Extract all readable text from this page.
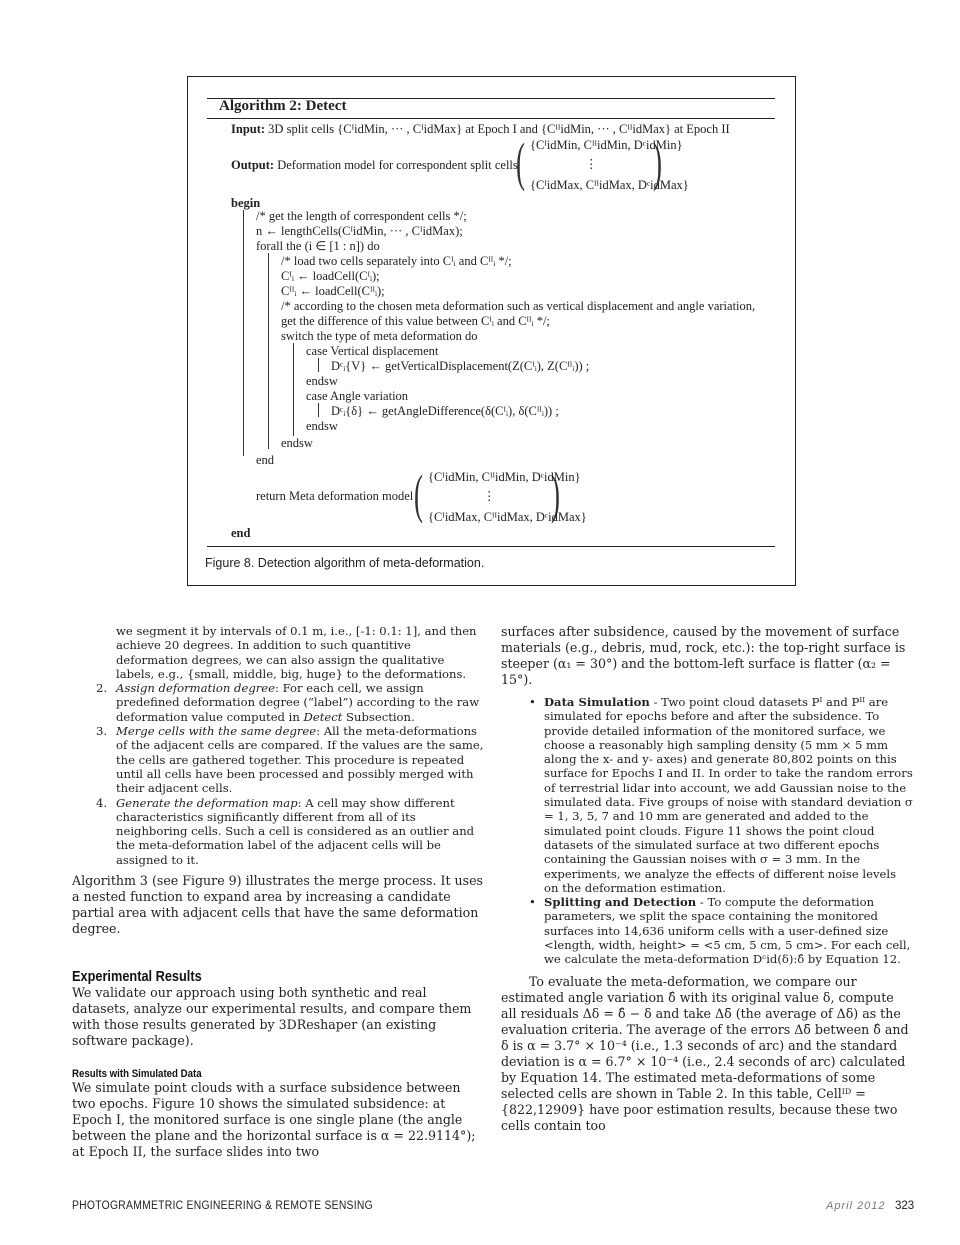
Algorithm 2: Detect
Input: 3D split cells {CᴵidMin, ··· , CᴵidMax} at Epoch I and {CᴵᴵidMin, ··· , CᴵᴵidMax} at Epoch II
Output: Deformation model for correspondent split cells
( )
{CᴵidMin, CᴵᴵidMin, DᶜidMin}
⋮
{CᴵidMax, CᴵᴵidMax, DᶜidMax}
begin
/* get the length of correspondent cells */;
n ← lengthCells(CᴵidMin, ··· , CᴵidMax);
forall the (i ∈ [1 : n]) do
/* load two cells separately into Cᴵᵢ and Cᴵᴵᵢ */;
Cᴵᵢ ← loadCell(Cᴵᵢ);
Cᴵᴵᵢ ← loadCell(Cᴵᴵᵢ);
/* according to the chosen meta deformation such as vertical displacement and angle variation,
get the difference of this value between Cᴵᵢ and Cᴵᴵᵢ */;
switch the type of meta deformation do
case Vertical displacement
Dᶜᵢ{V} ← getVerticalDisplacement(Z(Cᴵᵢ), Z(Cᴵᴵᵢ)) ;
endsw
case Angle variation
Dᶜᵢ{δ} ← getAngleDifference(δ(Cᴵᵢ), δ(Cᴵᴵᵢ)) ;
endsw
endsw
end
return Meta deformation model ( )
{CᴵidMin, CᴵᴵidMin, DᶜidMin}
⋮
{CᴵidMax, CᴵᴵidMax, DᶜidMax}
end
Figure 8. Detection algorithm of meta-deformation.
we segment it by intervals of 0.1 m, i.e., [-1: 0.1: 1], and then achieve 20 degrees. In addition to such quantitive deformation degrees, we can also assign the qualitative labels, e.g., {small, middle, big, huge} to the deformations.
2. Assign deformation degree: For each cell, we assign predefined deformation degree (“label”) according to the raw deformation value computed in Detect Subsection.
3. Merge cells with the same degree: All the meta-deformations of the adjacent cells are compared. If the values are the same, the cells are gathered together. This procedure is repeated until all cells have been processed and possibly merged with their adjacent cells.
4. Generate the deformation map: A cell may show different characteristics significantly different from all of its neighboring cells. Such a cell is considered as an outlier and the meta-deformation label of the adjacent cells will be assigned to it.
Algorithm 3 (see Figure 9) illustrates the merge process. It uses a nested function to expand area by increasing a candidate partial area with adjacent cells that have the same deformation degree.
Experimental Results
We validate our approach using both synthetic and real datasets, analyze our experimental results, and compare them with those results generated by 3DReshaper (an existing software package).
Results with Simulated Data
We simulate point clouds with a surface subsidence between two epochs. Figure 10 shows the simulated subsidence: at Epoch I, the monitored surface is one single plane (the angle between the plane and the horizontal surface is α = 22.9114°); at Epoch II, the surface slides into two
surfaces after subsidence, caused by the movement of surface materials (e.g., debris, mud, rock, etc.): the top-right surface is steeper (α₁ = 30°) and the bottom-left surface is flatter (α₂ = 15°).
• Data Simulation - Two point cloud datasets Pᴵ and Pᴵᴵ are simulated for epochs before and after the subsidence. To provide detailed information of the monitored surface, we choose a reasonably high sampling density (5 mm × 5 mm along the x- and y- axes) and generate 80,802 points on this surface for Epochs I and II. In order to take the random errors of terrestrial lidar into account, we add Gaussian noise to the simulated data. Five groups of noise with standard deviation σ = 1, 3, 5, 7 and 10 mm are generated and added to the simulated point clouds. Figure 11 shows the point cloud datasets of the simulated surface at two different epochs containing the Gaussian noises with σ = 3 mm. In the experiments, we analyze the effects of different noise levels on the deformation estimation.
• Splitting and Detection - To compute the deformation parameters, we split the space containing the monitored surfaces into 14,636 uniform cells with a user-defined size <length, width, height> = <5 cm, 5 cm, 5 cm>. For each cell, we calculate the meta-deformation Dᶜid(δ):δ̂ by Equation 12.
To evaluate the meta-deformation, we compare our estimated angle variation δ̂ with its original value δ, compute all residuals Δδ = δ̂ − δ and take Δδ̄ (the average of Δδ) as the evaluation criteria. The average of the errors Δδ̄ between δ̂ and δ is α = 3.7° × 10⁻⁴ (i.e., 1.3 seconds of arc) and the standard deviation is α = 6.7° × 10⁻⁴ (i.e., 2.4 seconds of arc) calculated by Equation 14. The estimated meta-deformations of some selected cells are shown in Table 2. In this table, Cellᴵᴰ = {822,12909} have poor estimation results, because these two cells contain too
PHOTOGRAMMETRIC ENGINEERING & REMOTE SENSING	April 2012 323
